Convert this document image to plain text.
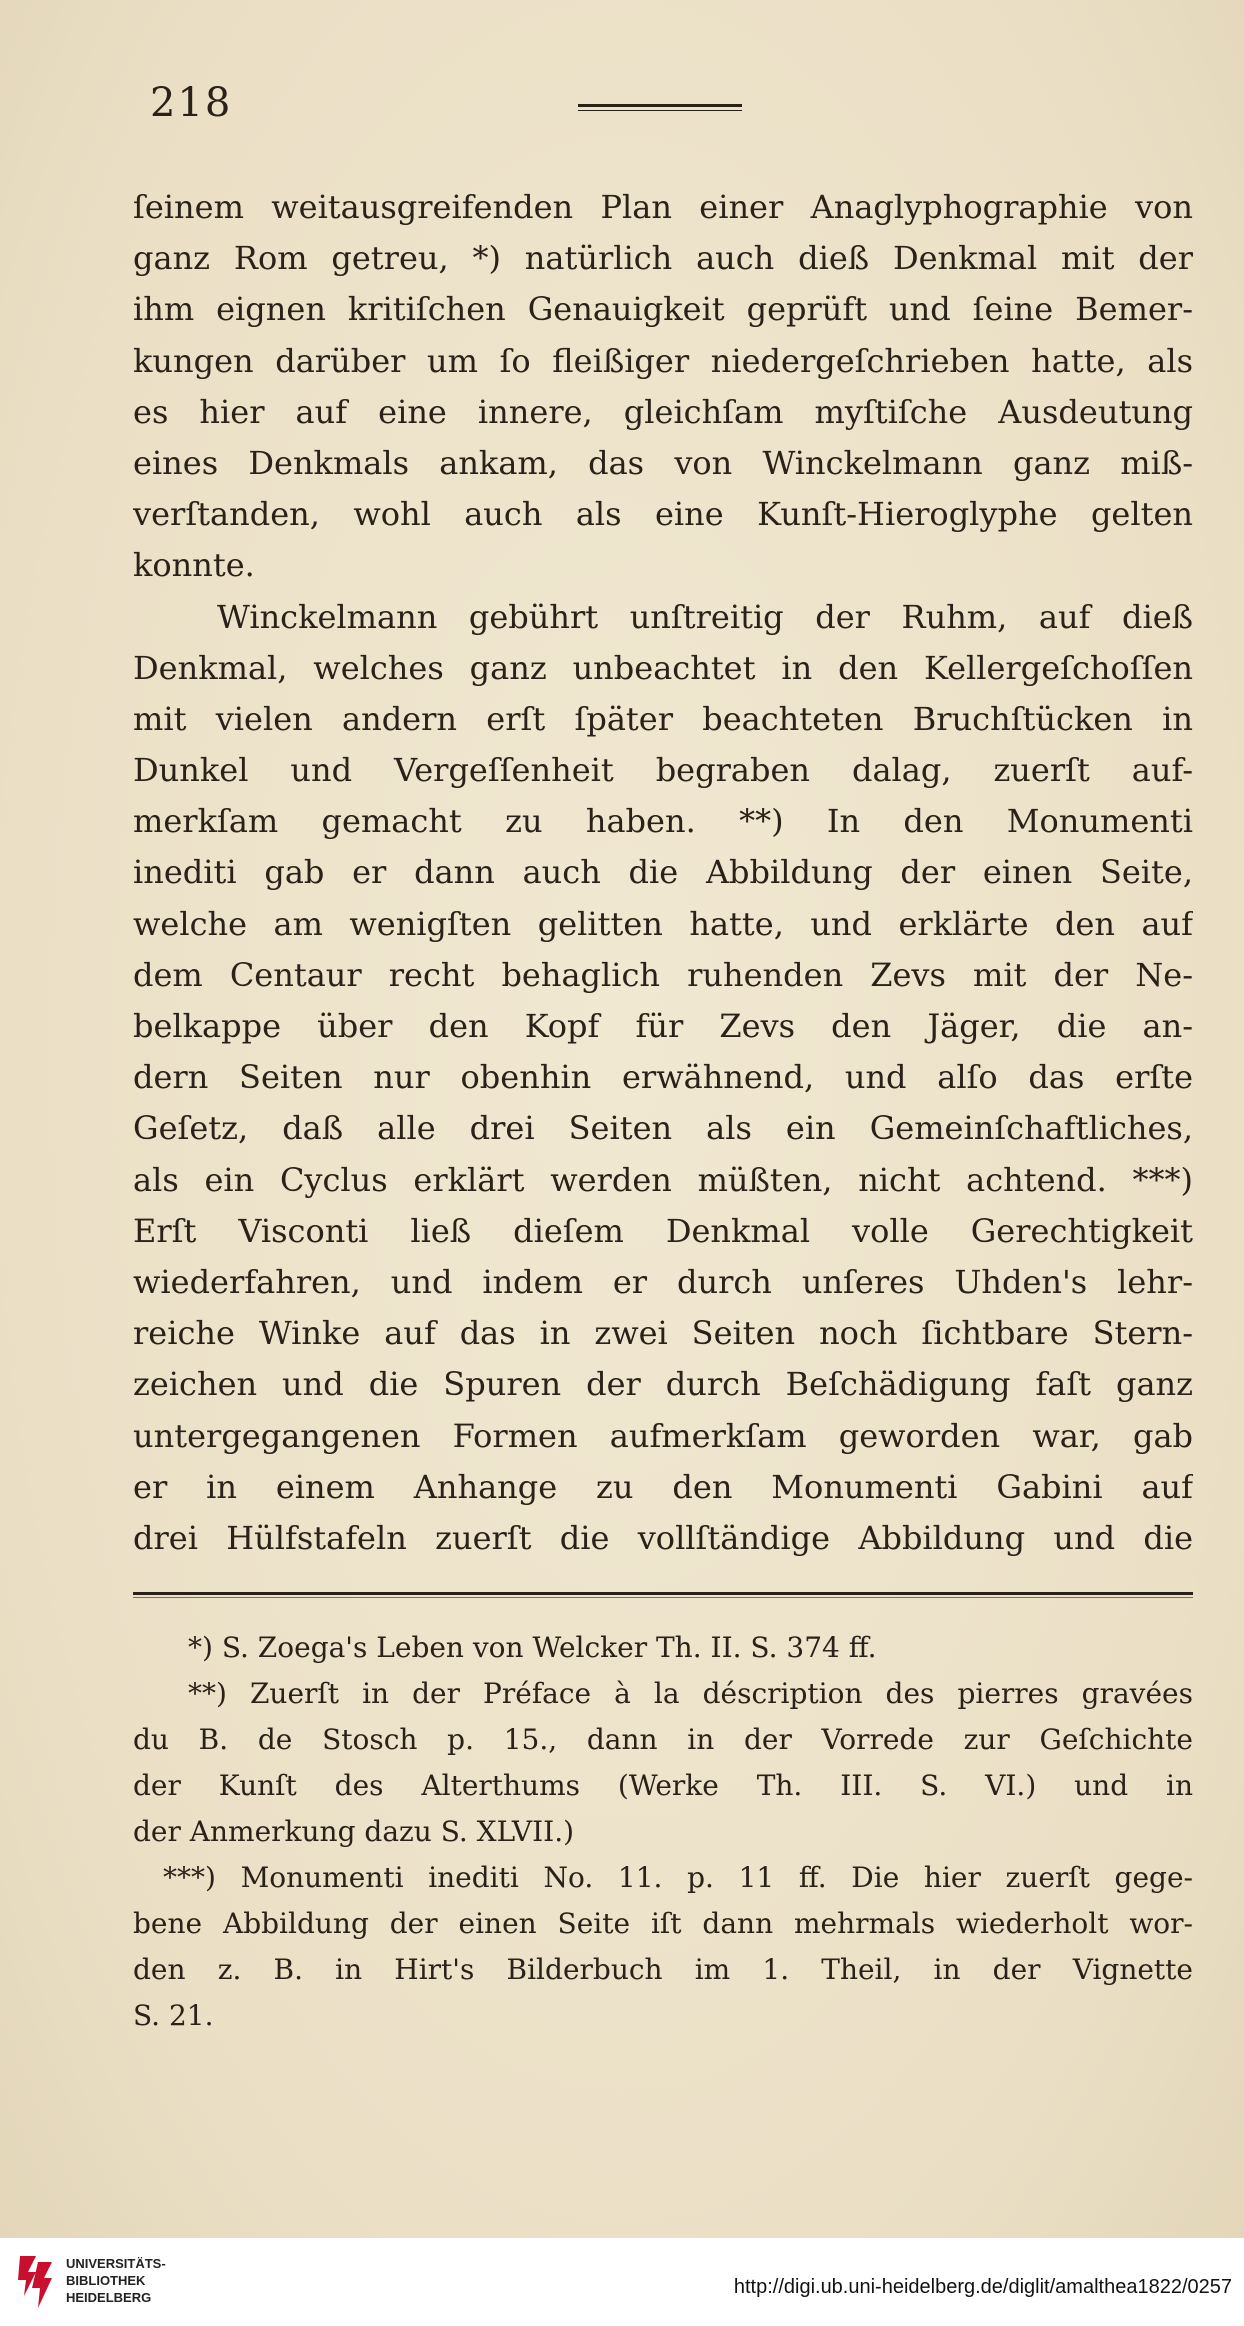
218
ſeinem weitausgreifenden Plan einer Anaglyphographie von
ganz Rom getreu, *) natürlich auch dieß Denkmal mit der
ihm eignen kritiſchen Genauigkeit geprüft und ſeine Bemer-
kungen darüber um ſo fleißiger niedergeſchrieben hatte, als
es hier auf eine innere, gleichſam myſtiſche Ausdeutung
eines Denkmals ankam, das von Winckelmann ganz miß-
verſtanden, wohl auch als eine Kunſt-Hieroglyphe gelten
konnte.
Winckelmann gebührt unſtreitig der Ruhm, auf dieß
Denkmal, welches ganz unbeachtet in den Kellergeſchoſſen
mit vielen andern erſt ſpäter beachteten Bruchſtücken in
Dunkel und Vergeſſenheit begraben dalag, zuerſt auf-
merkſam gemacht zu haben. **) In den Monumenti
inediti gab er dann auch die Abbildung der einen Seite,
welche am wenigſten gelitten hatte, und erklärte den auf
dem Centaur recht behaglich ruhenden Zevs mit der Ne-
belkappe über den Kopf für Zevs den Jäger, die an-
dern Seiten nur obenhin erwähnend, und alſo das erſte
Geſetz, daß alle drei Seiten als ein Gemeinſchaftliches,
als ein Cyclus erklärt werden müßten, nicht achtend. ***)
Erſt Visconti ließ dieſem Denkmal volle Gerechtigkeit
wiederfahren, und indem er durch unſeres Uhden's lehr-
reiche Winke auf das in zwei Seiten noch ſichtbare Stern-
zeichen und die Spuren der durch Beſchädigung faſt ganz
untergegangenen Formen aufmerkſam geworden war, gab
er in einem Anhange zu den Monumenti Gabini auf
drei Hülfstafeln zuerſt die vollſtändige Abbildung und die
*) S. Zoega's Leben von Welcker Th. II. S. 374 ff.
**) Zuerſt in der Préface à la déscription des pierres gravées
du B. de Stosch p. 15., dann in der Vorrede zur Geſchichte
der Kunſt des Alterthums (Werke Th. III. S. VI.) und in
der Anmerkung dazu S. XLVII.)
***) Monumenti inediti No. 11. p. 11 ff. Die hier zuerſt gege-
bene Abbildung der einen Seite iſt dann mehrmals wiederholt wor-
den z. B. in Hirt's Bilderbuch im 1. Theil, in der Vignette
S. 21.
UNIVERSITÄTS-
BIBLIOTHEK
HEIDELBERG	http://digi.ub.uni-heidelberg.de/diglit/amalthea1822/0257
